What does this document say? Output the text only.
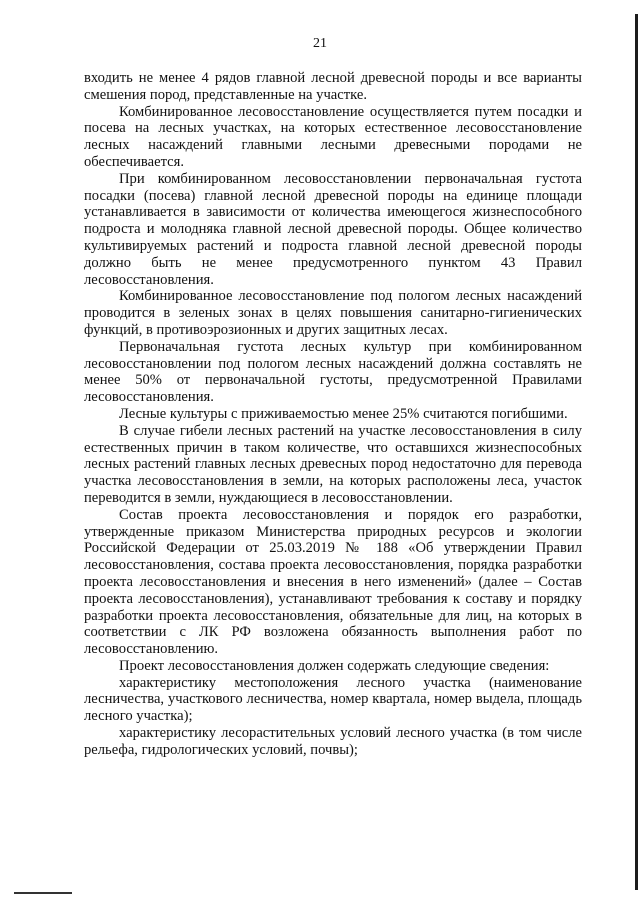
21

входить не менее 4 рядов главной лесной древесной породы и все варианты смешения пород, представленные на участке.

Комбинированное лесовосстановление осуществляется путем посадки и посева на лесных участках, на которых естественное лесовосстановление лесных насаждений главными лесными древесными породами не обеспечивается.

При комбинированном лесовосстановлении первоначальная густота посадки (посева) главной лесной древесной породы на единице площади устанавливается в зависимости от количества имеющегося жизнеспособного подроста и молодняка главной лесной древесной породы. Общее количество культивируемых растений и подроста главной лесной древесной породы должно быть не менее предусмотренного пунктом 43 Правил лесовосстановления.

Комбинированное лесовосстановление под пологом лесных насаждений проводится в зеленых зонах в целях повышения санитарно-гигиенических функций, в противоэрозионных и других защитных лесах.

Первоначальная густота лесных культур при комбинированном лесовосстановлении под пологом лесных насаждений должна составлять не менее 50% от первоначальной густоты, предусмотренной Правилами лесовосстановления.

Лесные культуры с приживаемостью менее 25% считаются погибшими.

В случае гибели лесных растений на участке лесовосстановления в силу естественных причин в таком количестве, что оставшихся жизнеспособных лесных растений главных лесных древесных пород недостаточно для перевода участка лесовосстановления в земли, на которых расположены леса, участок переводится в земли, нуждающиеся в лесовосстановлении.

Состав проекта лесовосстановления и порядок его разработки, утвержденные приказом Министерства природных ресурсов и экологии Российской Федерации от 25.03.2019 № 188 «Об утверждении Правил лесовосстановления, состава проекта лесовосстановления, порядка разработки проекта лесовосстановления и внесения в него изменений» (далее – Состав проекта лесовосстановления), устанавливают требования к составу и порядку разработки проекта лесовосстановления, обязательные для лиц, на которых в соответствии с ЛК РФ возложена обязанность выполнения работ по лесовосстановлению.

Проект лесовосстановления должен содержать следующие сведения:

характеристику местоположения лесного участка (наименование лесничества, участкового лесничества, номер квартала, номер выдела, площадь лесного участка);

характеристику лесорастительных условий лесного участка (в том числе рельефа, гидрологических условий, почвы);
